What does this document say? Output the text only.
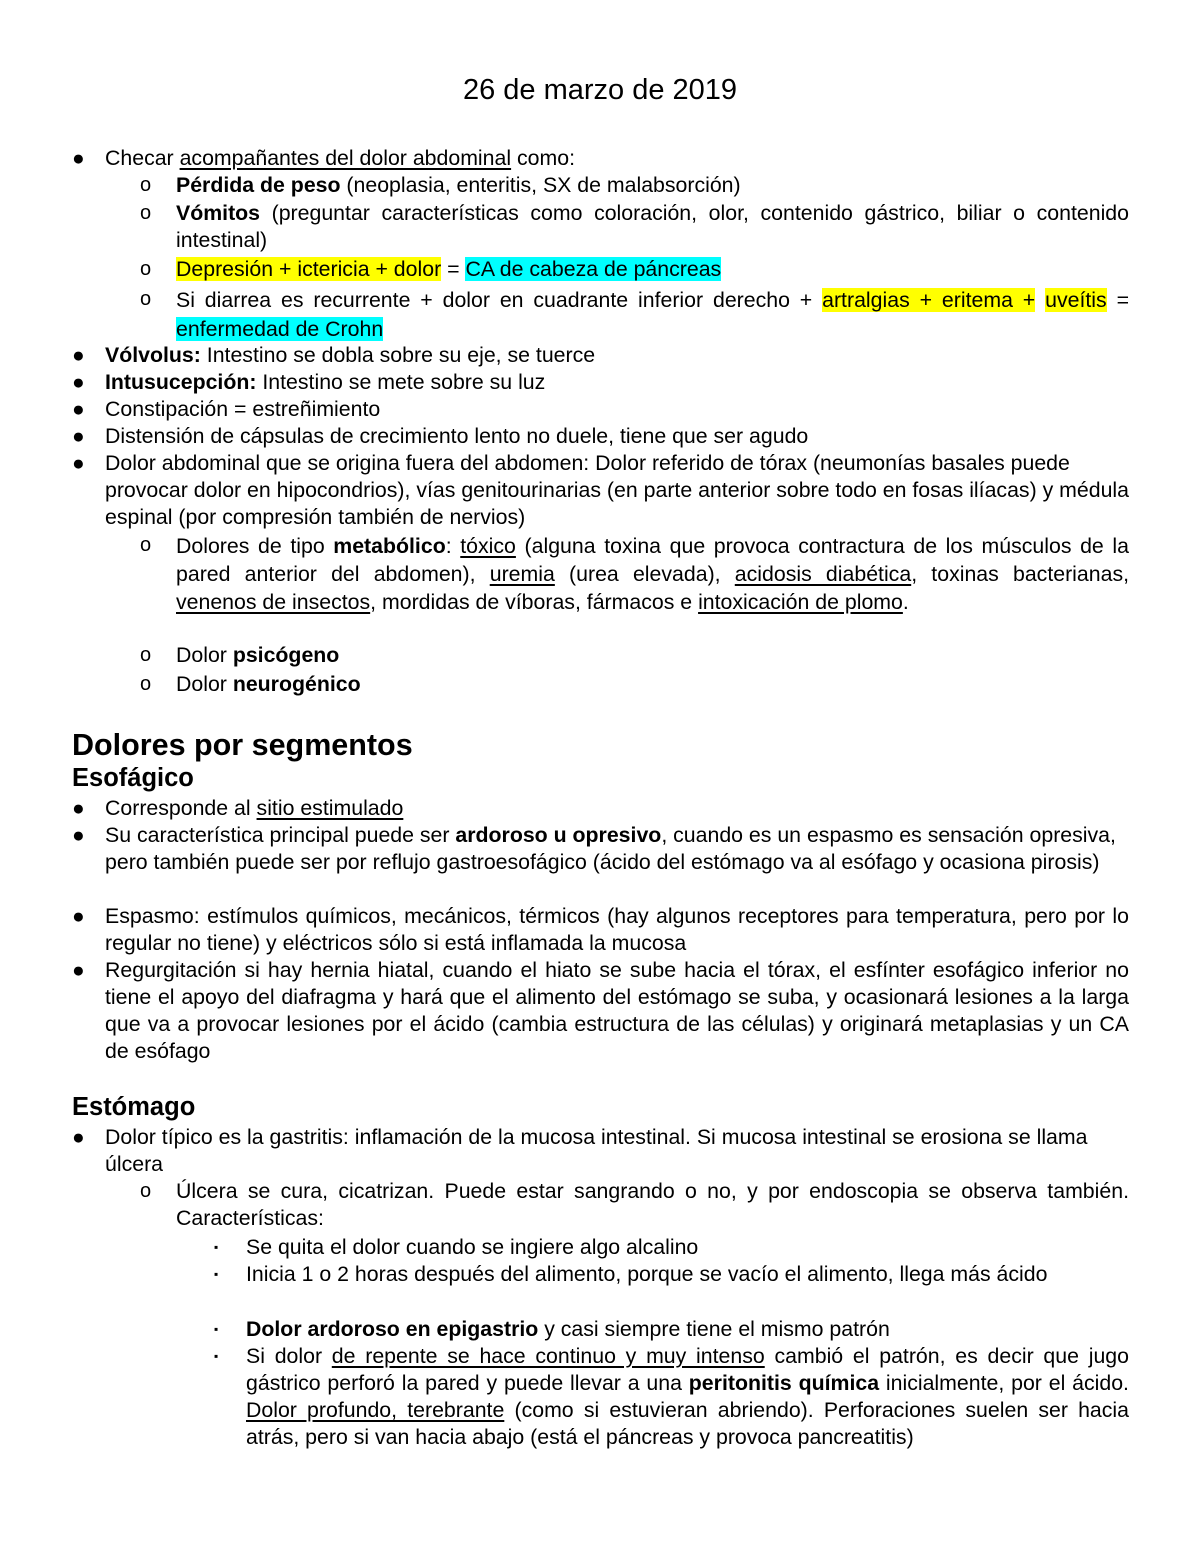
26 de marzo de 2019
● Checar acompañantes del dolor abdominal como:
o Pérdida de peso (neoplasia, enteritis, SX de malabsorción)
o Vómitos (preguntar características como coloración, olor, contenido gástrico, biliar o contenido intestinal)
o Depresión + ictericia + dolor = CA de cabeza de páncreas
o Si diarrea es recurrente + dolor en cuadrante inferior derecho + artralgias + eritema + uveítis = enfermedad de Crohn
● Vólvolus: Intestino se dobla sobre su eje, se tuerce
● Intusucepción: Intestino se mete sobre su luz
● Constipación = estreñimiento
● Distensión de cápsulas de crecimiento lento no duele, tiene que ser agudo
● Dolor abdominal que se origina fuera del abdomen: Dolor referido de tórax (neumonías basales puede provocar dolor en hipocondrios), vías genitourinarias (en parte anterior sobre todo en fosas ilíacas) y médula espinal (por compresión también de nervios)
o Dolores de tipo metabólico: tóxico (alguna toxina que provoca contractura de los músculos de la pared anterior del abdomen), uremia (urea elevada), acidosis diabética, toxinas bacterianas, venenos de insectos, mordidas de víboras, fármacos e intoxicación de plomo.
o Dolor psicógeno
o Dolor neurogénico
Dolores por segmentos
Esofágico
● Corresponde al sitio estimulado
● Su característica principal puede ser ardoroso u opresivo, cuando es un espasmo es sensación opresiva, pero también puede ser por reflujo gastroesofágico (ácido del estómago va al esófago y ocasiona pirosis)
● Espasmo: estímulos químicos, mecánicos, térmicos (hay algunos receptores para temperatura, pero por lo regular no tiene) y eléctricos sólo si está inflamada la mucosa
● Regurgitación si hay hernia hiatal, cuando el hiato se sube hacia el tórax, el esfínter esofágico inferior no tiene el apoyo del diafragma y hará que el alimento del estómago se suba, y ocasionará lesiones a la larga que va a provocar lesiones por el ácido (cambia estructura de las células) y originará metaplasias y un CA de esófago
Estómago
● Dolor típico es la gastritis: inflamación de la mucosa intestinal. Si mucosa intestinal se erosiona se llama úlcera
o Úlcera se cura, cicatrizan. Puede estar sangrando o no, y por endoscopia se observa también. Características:
▪ Se quita el dolor cuando se ingiere algo alcalino
▪ Inicia 1 o 2 horas después del alimento, porque se vacío el alimento, llega más ácido
▪ Dolor ardoroso en epigastrio y casi siempre tiene el mismo patrón
▪ Si dolor de repente se hace continuo y muy intenso cambió el patrón, es decir que jugo gástrico perforó la pared y puede llevar a una peritonitis química inicialmente, por el ácido. Dolor profundo, terebrante (como si estuvieran abriendo). Perforaciones suelen ser hacia atrás, pero si van hacia abajo (está el páncreas y provoca pancreatitis)
